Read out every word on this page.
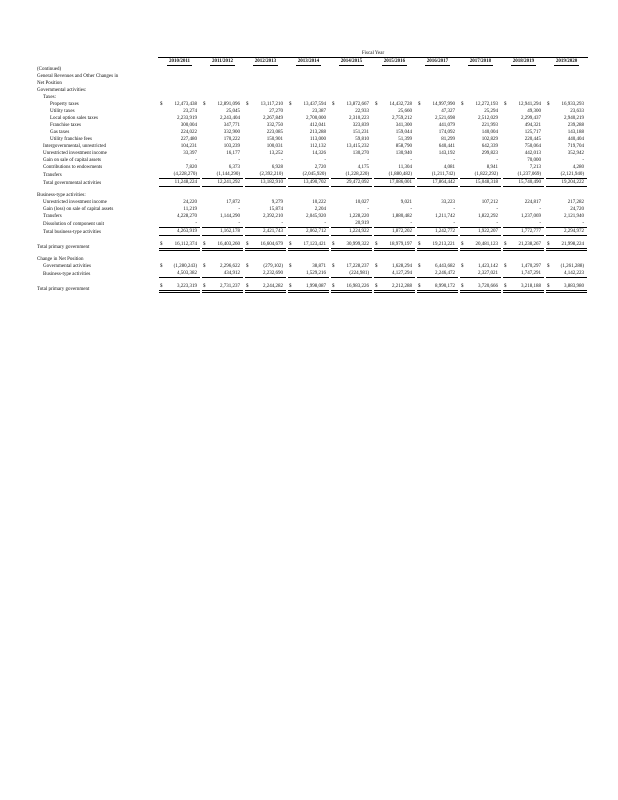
	Fiscal Year									
	2010/2011	2011/2012	2012/2013	2013/2014	2014/2015	2015/2016	2016/2017	2017/2018	2018/2019	2019/2020
(Continued)										
General Revenues and Other Changes in										
Net Position										
Governmental activities:										
Taxes:										
Property taxes	$ 12,473,438	$ 12,891,096	$ 13,117,210	$ 13,437,594	$ 13,872,667	$ 14,432,728	$ 14,997,990	$ 12,272,193	$ 12,941,294	$ 16,933,293

Utility taxes	23,274	25,045	27,270	23,387	22,933	25,660	47,327	25,294	49,300	23,633

Local option sales taxes	2,233,919	2,243,404	2,267,849	2,700,000	2,310,223	2,759,212	2,521,698	2,512,029	2,299,437	2,940,219

Franchise taxes	300,004	347,771	332,750	412,041	323,839	341,300	441,079	221,993	494,321	239,288

Gas taxes	224,022	332,900	223,085	213,288	151,231	159,044	174,092	140,004	125,717	143,188

Utility franchise fees	227,480	170,222	150,901	113,000	59,810	51,399	81,299	102,829	220,445	440,404

Intergovernmental, unrestricted	104,231	103,239	100,031	112,132	13,415,232	858,790	640,441	642,339	750,064	719,704

Unrestricted investment income	33,397	16,177	13,252	14,326	130,270	130,940	143,192	299,823	442,013	352,942

Gain on sale of capital assets	-	-	-	-	-	-	-	-	70,000	-

Contributions to endowments	7,820	6,373	6,928	2,720	4,175	11,304	4,081	8,941	7,213	4,280

Transfers	(4,228,270)	(1,144,290)	(2,392,210)	(2,045,920)	(1,228,220)	(1,880,482)	(1,211,742)	(1,822,292)	(1,237,069)	(2,121,940)

Total governmental activities	11,248,224	12,241,292	13,182,910	13,490,702	29,472,092	17,086,001	17,864,442	15,048,318	15,740,490	19,204,222

Business-type activities:										
Unrestricted investment income	24,220	17,872	9,279	10,222	10,027	9,021	33,223	107,212	224,817	217,282

Gain (loss) on sale of capital assets	11,219	-	15,874	2,204	-	-	-	-	-	24,720

Transfers	4,228,270	1,144,290	2,392,210	2,045,920	1,228,220	1,880,482	1,211,742	1,822,292	1,237,069	2,121,940

Dissolution of component unit	-	-	-	-	20,919	-	-	-	-	-

Total business-type activities	4,263,919	1,162,178	2,421,743	2,062,712	1,224,922	1,872,202	1,242,772	1,922,207	1,772,777	2,294,972

Total primary government	$ 16,112,374	$ 16,403,260	$ 16,604,679	$ 17,123,421	$ 30,999,322	$ 18,979,197	$ 19,213,221	$ 20,481,123	$ 21,238,267	$ 21,998,224

Change in Net Position										
Governmental activities	$ (1,280,243)	$ 2,296,622	$ (279,102)	$ 38,871	$ 17,228,237	$ 1,628,294	$ 6,443,682	$ 1,423,142	$ 1,470,297	$ (1,261,288)

Business-type activities	4,503,382	434,912	2,232,690	1,529,216	(224,981)	4,127,294	2,246,472	2,327,021	1,747,291	4,142,223

Total primary government	$ 3,223,319	$ 2,731,237	$ 2,244,282	$ 1,998,087	$ 16,983,226	$ 2,212,288	$ 8,990,172	$ 3,720,666	$ 3,218,188	$ 3,883,980
